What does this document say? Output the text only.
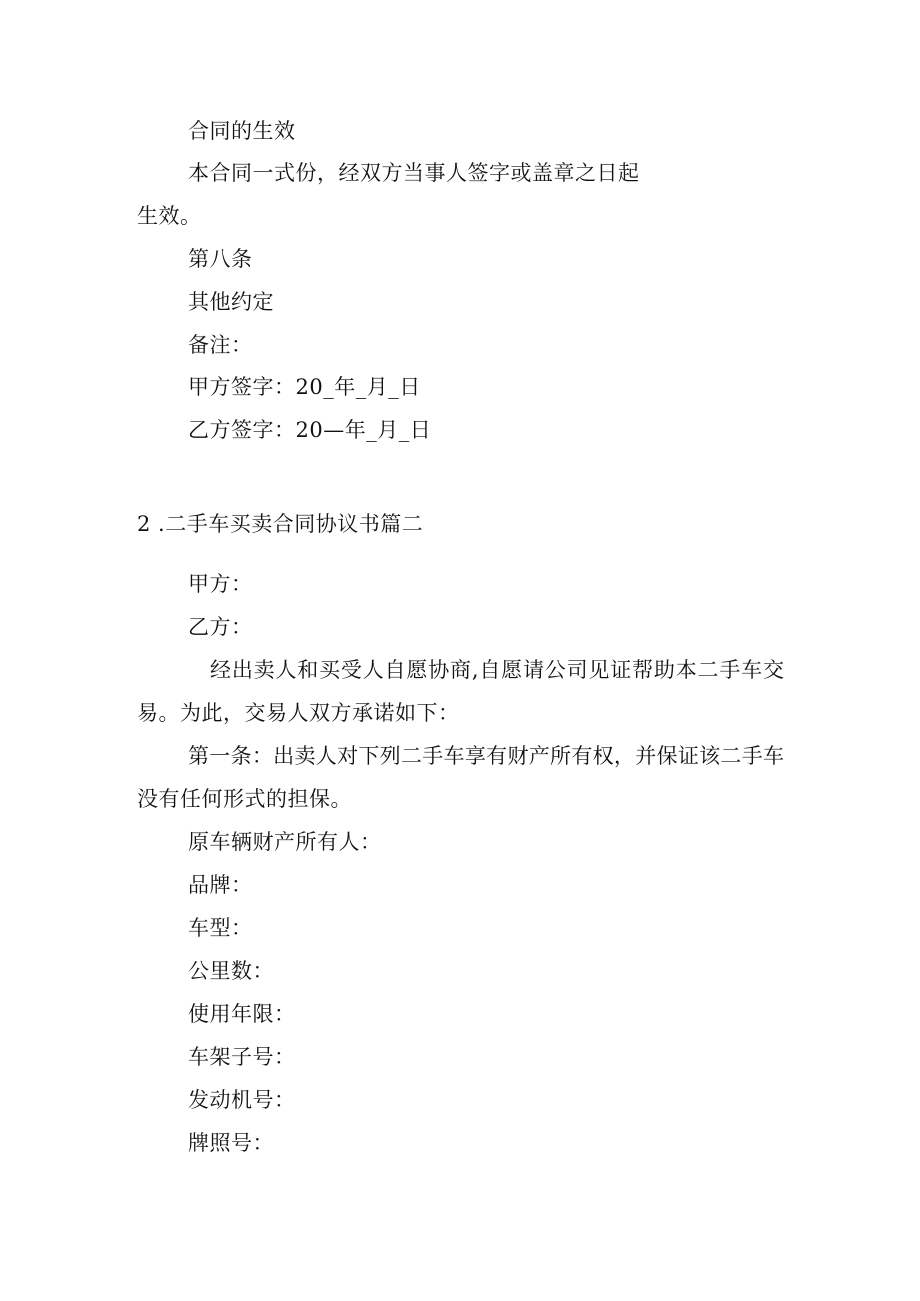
合同的生效
本合同一式份，经双方当事人签字或盖章之日起
生效。
第八条
其他约定
备注：
甲方签字：20_年_月_日
乙方签字：20—年_月_日
2 .二手车买卖合同协议书篇二
甲方：
乙方：
经出卖人和买受人自愿协商,自愿请公司见证帮助本二手车交
易。为此，交易人双方承诺如下：
第一条：出卖人对下列二手车享有财产所有权，并保证该二手车
没有任何形式的担保。
原车辆财产所有人：
品牌：
车型：
公里数：
使用年限：
车架子号：
发动机号：
牌照号：
